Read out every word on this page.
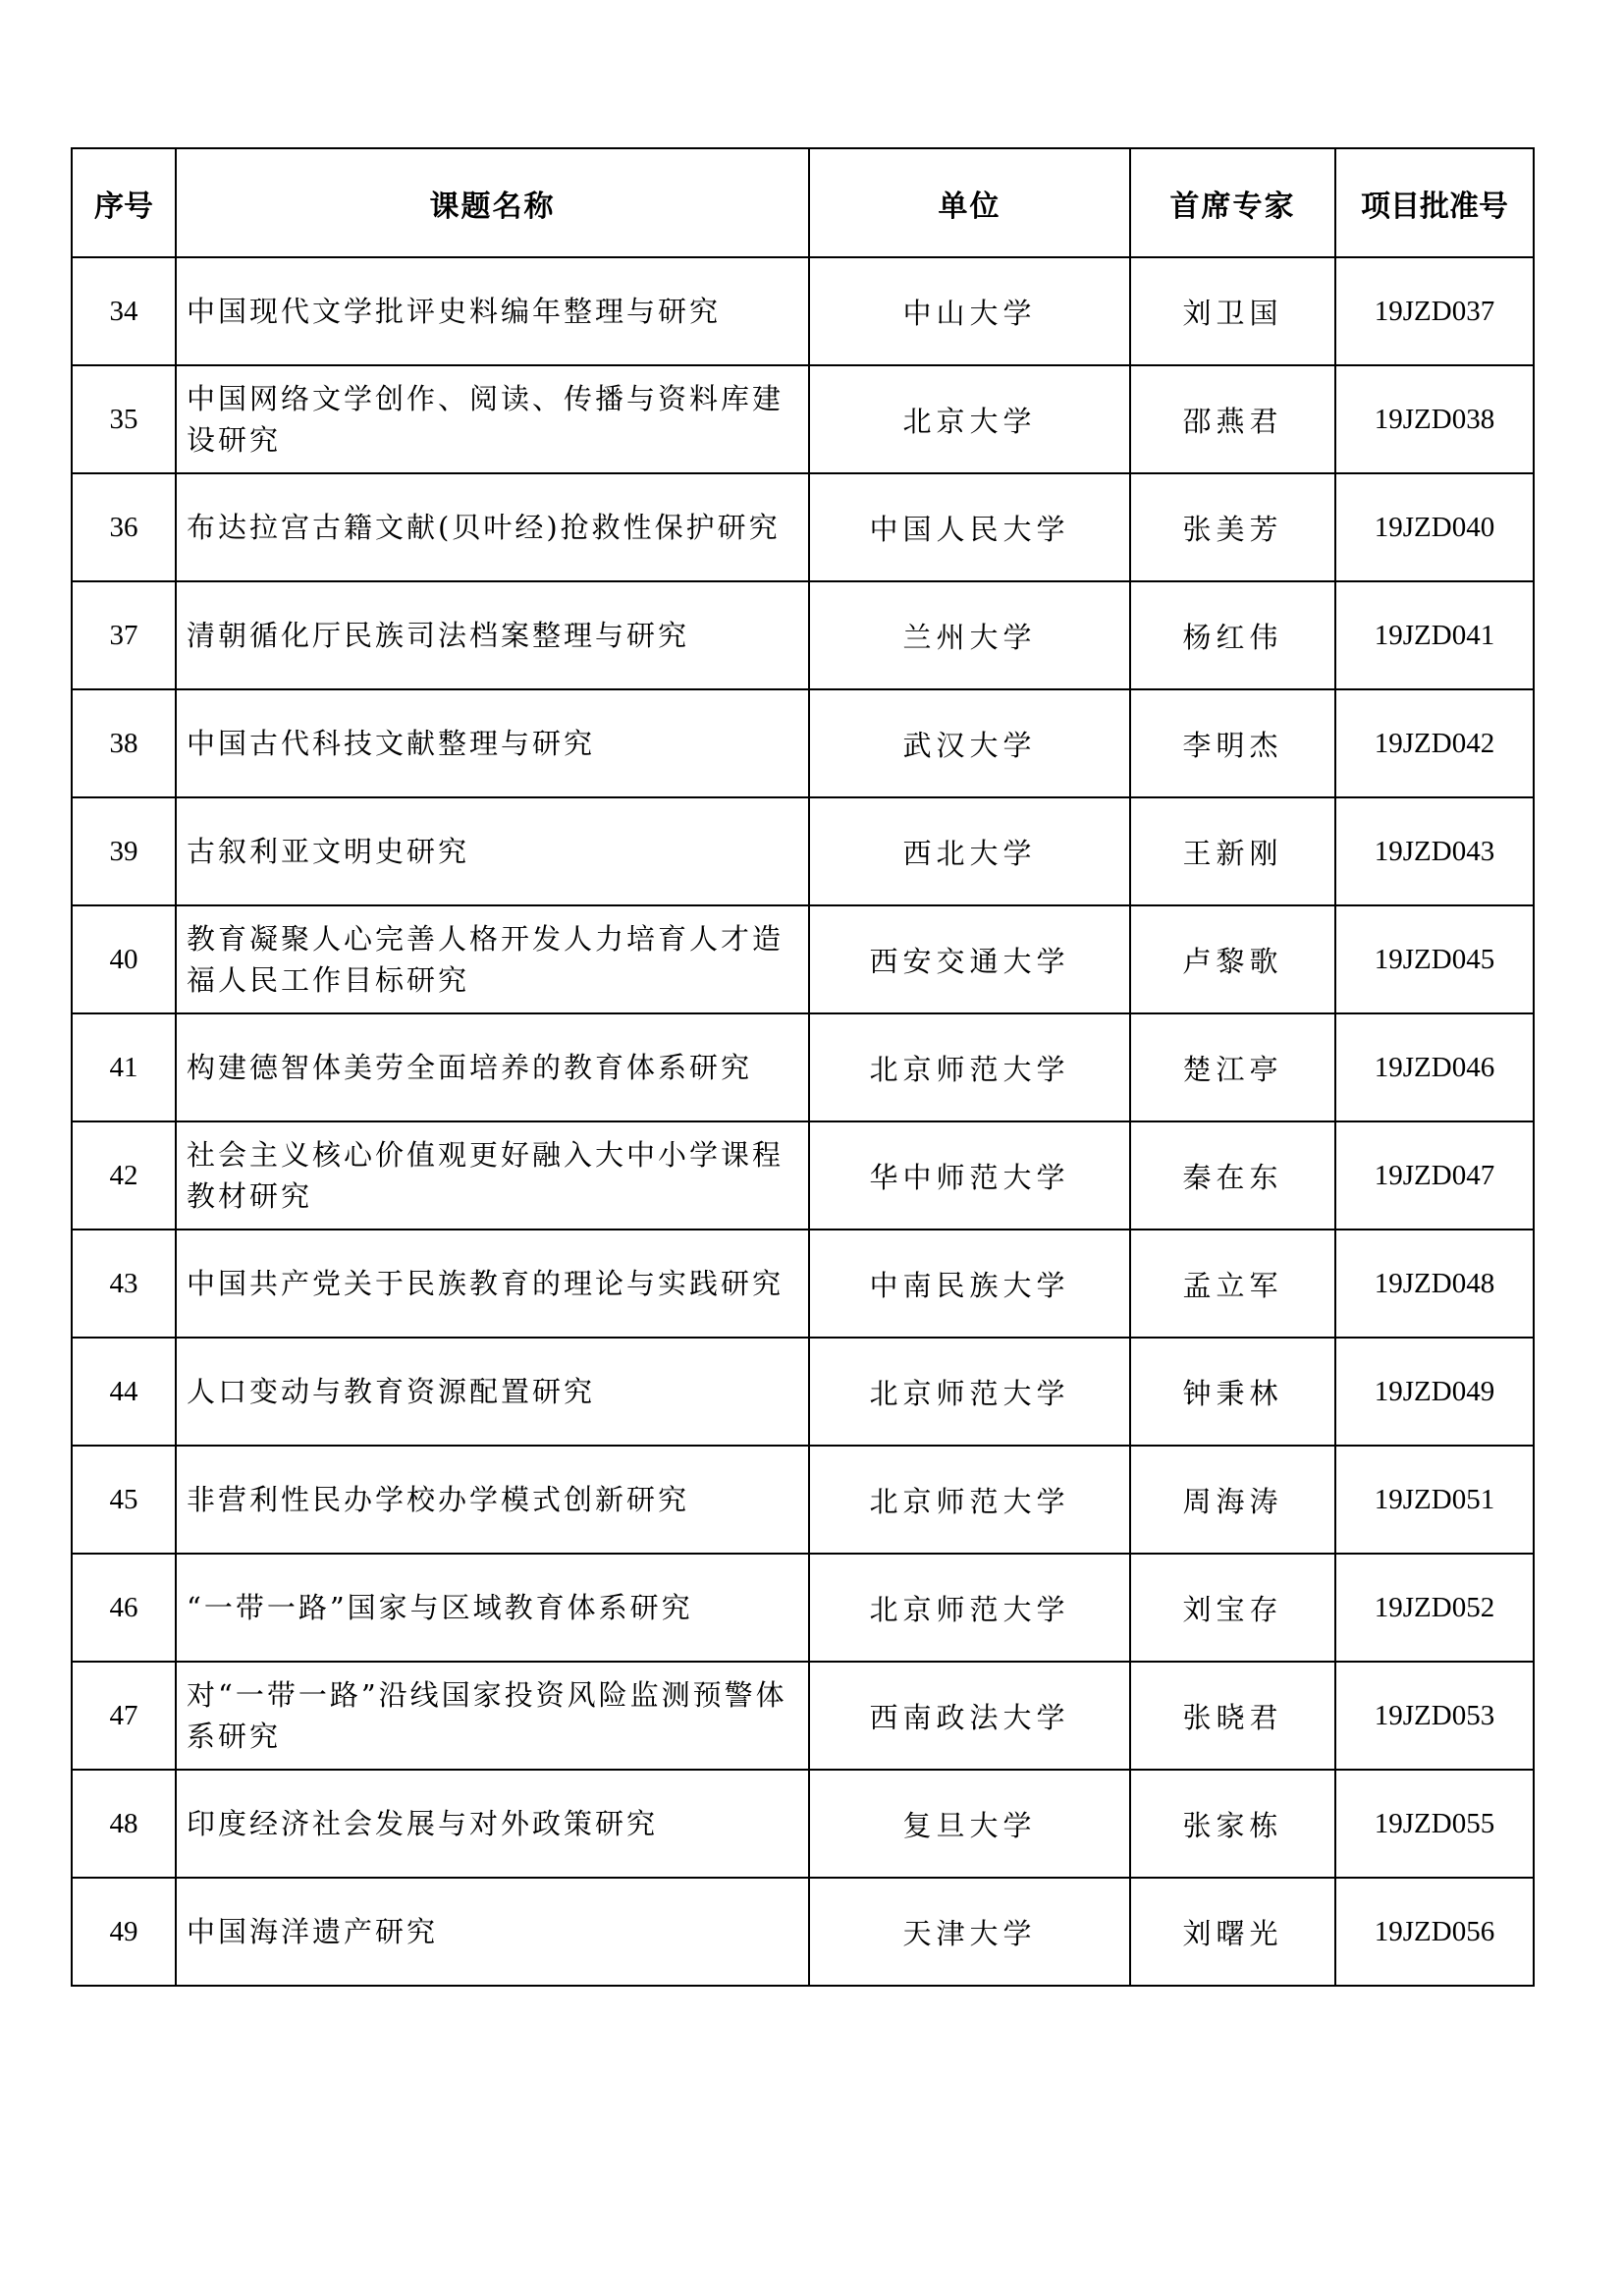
序号	课题名称	单位	首席专家	项目批准号
34	中国现代文学批评史料编年整理与研究	中山大学	刘卫国	19JZD037
35	中国网络文学创作、阅读、传播与资料库建设研究	北京大学	邵燕君	19JZD038
36	布达拉宫古籍文献(贝叶经)抢救性保护研究	中国人民大学	张美芳	19JZD040
37	清朝循化厅民族司法档案整理与研究	兰州大学	杨红伟	19JZD041
38	中国古代科技文献整理与研究	武汉大学	李明杰	19JZD042
39	古叙利亚文明史研究	西北大学	王新刚	19JZD043
40	教育凝聚人心完善人格开发人力培育人才造福人民工作目标研究	西安交通大学	卢黎歌	19JZD045
41	构建德智体美劳全面培养的教育体系研究	北京师范大学	楚江亭	19JZD046
42	社会主义核心价值观更好融入大中小学课程教材研究	华中师范大学	秦在东	19JZD047
43	中国共产党关于民族教育的理论与实践研究	中南民族大学	孟立军	19JZD048
44	人口变动与教育资源配置研究	北京师范大学	钟秉林	19JZD049
45	非营利性民办学校办学模式创新研究	北京师范大学	周海涛	19JZD051
46	“一带一路”国家与区域教育体系研究	北京师范大学	刘宝存	19JZD052
47	对“一带一路”沿线国家投资风险监测预警体系研究	西南政法大学	张晓君	19JZD053
48	印度经济社会发展与对外政策研究	复旦大学	张家栋	19JZD055
49	中国海洋遗产研究	天津大学	刘曙光	19JZD056
